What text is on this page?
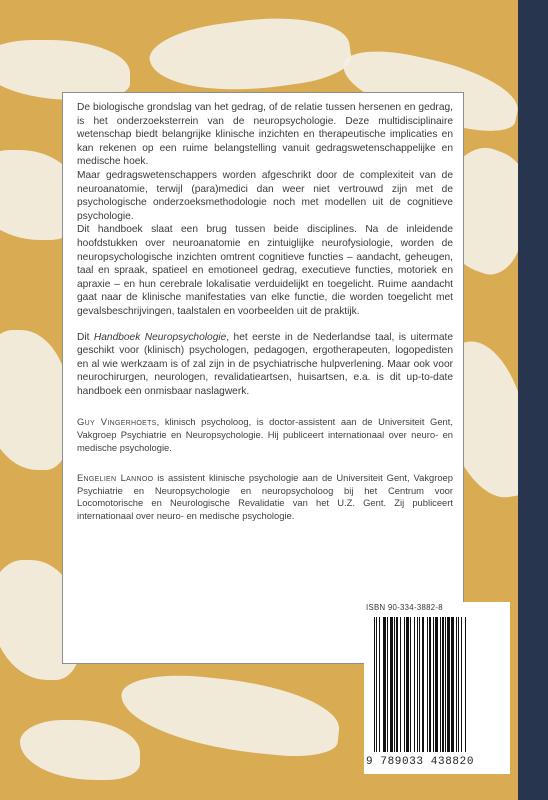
De biologische grondslag van het gedrag, of de relatie tussen hersenen en gedrag, is het onderzoeksterrein van de neuropsychologie. Deze multidisciplinaire wetenschap biedt belangrijke klinische inzichten en therapeutische implicaties en kan rekenen op een ruime belangstelling vanuit gedragswetenschappelijke en medische hoek.

Maar gedragswetenschappers worden afgeschrikt door de complexiteit van de neuroanatomie, terwijl (para)medici dan weer niet vertrouwd zijn met de psychologische onderzoeksmethodologie noch met modellen uit de cognitieve psychologie.

Dit handboek slaat een brug tussen beide disciplines. Na de inleidende hoofdstukken over neuroanatomie en zintuiglijke neurofysiologie, worden de neuropsychologische inzichten omtrent cognitieve functies – aandacht, geheugen, taal en spraak, spatieel en emotioneel gedrag, executieve functies, motoriek en apraxie – en hun cerebrale lokalisatie verduidelijkt en toegelicht. Ruime aandacht gaat naar de klinische manifestaties van elke functie, die worden toegelicht met gevalsbeschrijvingen, taalstalen en voorbeelden uit de praktijk.

Dit Handboek Neuropsychologie, het eerste in de Nederlandse taal, is uitermate geschikt voor (klinisch) psychologen, pedagogen, ergotherapeuten, logopedisten en al wie werkzaam is of zal zijn in de psychiatrische hulpverlening. Maar ook voor neurochirurgen, neurologen, revalidatieartsen, huisartsen, e.a. is dit up-to-date handboek een onmisbaar naslagwerk.

Guy Vingerhoets, klinisch psycholoog, is doctor-assistent aan de Universiteit Gent, Vakgroep Psychiatrie en Neuropsychologie. Hij publiceert internationaal over neuro- en medische psychologie.

Engelien Lannoo is assistent klinische psychologie aan de Universiteit Gent, Vakgroep Psychiatrie en Neuropsychologie en neuropsycholoog bij het Centrum voor Locomotorische en Neurologische Revalidatie van het U.Z. Gent. Zij publiceert internationaal over neuro- en medische psychologie.

ISBN 90-334-3882-8
9 789033 438820
